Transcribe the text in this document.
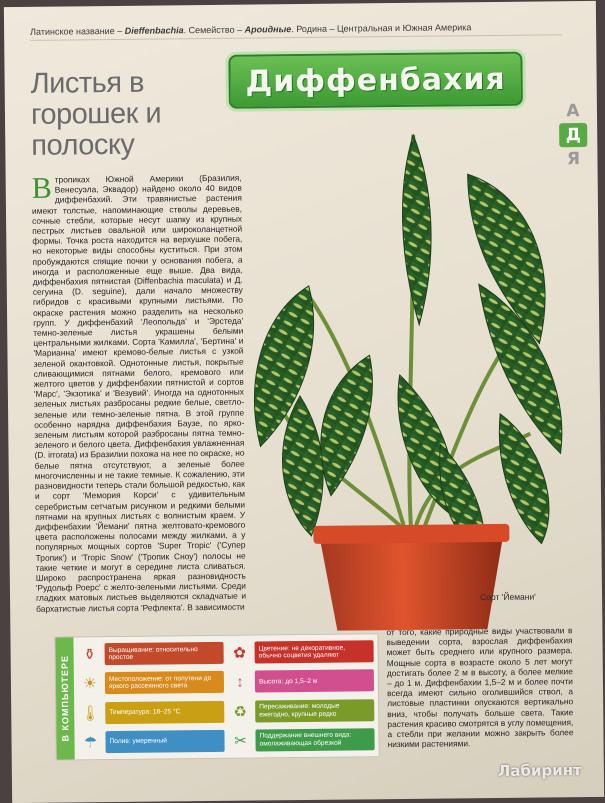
Латинское название – Dieffenbachia. Семейство – Ароидные. Родина – Центральная и Южная Америка
Листья в горошек и полоску
Диффенбахия
А
Д
Я
В тропиках Южной Америки (Бразилия, Венесуэла, Эквадор) найдено около 40 видов диффенбахий. Эти травянистые растения имеют толстые, напоминающие стволы деревьев, сочные стебли, которые несут шапку из крупных пестрых листьев овальной или широколанцетной формы. Точка роста находится на верхушке побега, но некоторые виды способны куститься. При этом пробуждаются спящие почки у основания побега, а иногда и расположенные еще выше. Два вида, диффенбахия пятнистая (Diffenbachia maculata) и Д. сегуина (D. seguine), дали начало множеству гибридов с красивыми крупными листьями. По окраске растения можно разделить на несколько групп. У диффенбахий 'Леопольда' и 'Эрстеда' темно-зеленые листья украшены белыми центральными жилками. Сорта 'Камилла', 'Бертина' и 'Марианна' имеют кремово-белые листья с узкой зеленой окантовкой. Однотонные листья, покрытые сливающимися пятнами белого, кремового или желтого цветов у диффенбахии пятнистой и сортов 'Марс', 'Экзотика' и 'Везувий'. Иногда на однотонных зеленых листьях разбросаны редкие белые, светло-зеленые или темно-зеленые пятна. В этой группе особенно нарядна диффенбахия Баузе, по ярко-зеленым листьям которой разбросаны пятна темно-зеленого и белого цвета. Диффенбахия увлажненная (D. irrorata) из Бразилии похожа на нее по окраске, но белые пятна отсутствуют, а зеленые более многочисленны и не такие темные. К сожалению, эти разновидности теперь стали большой редкостью, как и сорт 'Мемория Корси' с удивительным серебристым сетчатым рисунком и редкими белыми пятнами на крупных листьях с волнистым краем. У диффенбахии 'Йемани' пятна желтовато-кремового цвета расположены полосами между жилками, а у популярных мощных сортов 'Super Tropic' ('Супер Тропик') и 'Tropic Snow' ('Тропик Сноу') полосы не такие четкие и могут в середине листа сливаться. Широко распространена яркая разновидность 'Рудольф Роерс' с желто-зелеными листьями. Среди гладких матовых листьев выделяются складчатые и бархатистые листья сорта 'Рефлекта'. В зависимости

Сорт 'Йемани'
от того, какие природные виды участвовали в выведении сорта, взрослая диффенбахия может быть среднего или крупного размера. Мощные сорта в возрасте около 5 лет могут достигать более 2 м в высоту, а более мелкие – до 1 м. Диффенбахии 1,5–2 м и более почти всегда имеют сильно оголившийся ствол, а листовые пластинки опускаются вертикально вниз, чтобы получать больше света. Такие растения красиво смотрятся в углу помещения, а стебли при желании можно закрыть более низкими растениями.
В КОМПЬЮТЕРЕ
⚱	Выращивание: относительно простое	✿	Цветение: не декоративное, обычно соцветия удаляют
☀	Местоположение: от полутени до яркого рассеянного света	↕	Высота: до 1,5–2 м
🌡	Температура: 18–25 °С	♻	Пересаживание: молодые ежегодно, крупные редко
☂	Полив: умеренный	✂	Поддержание внешнего вида: омолаживающая обрезкой
Лабиринт
